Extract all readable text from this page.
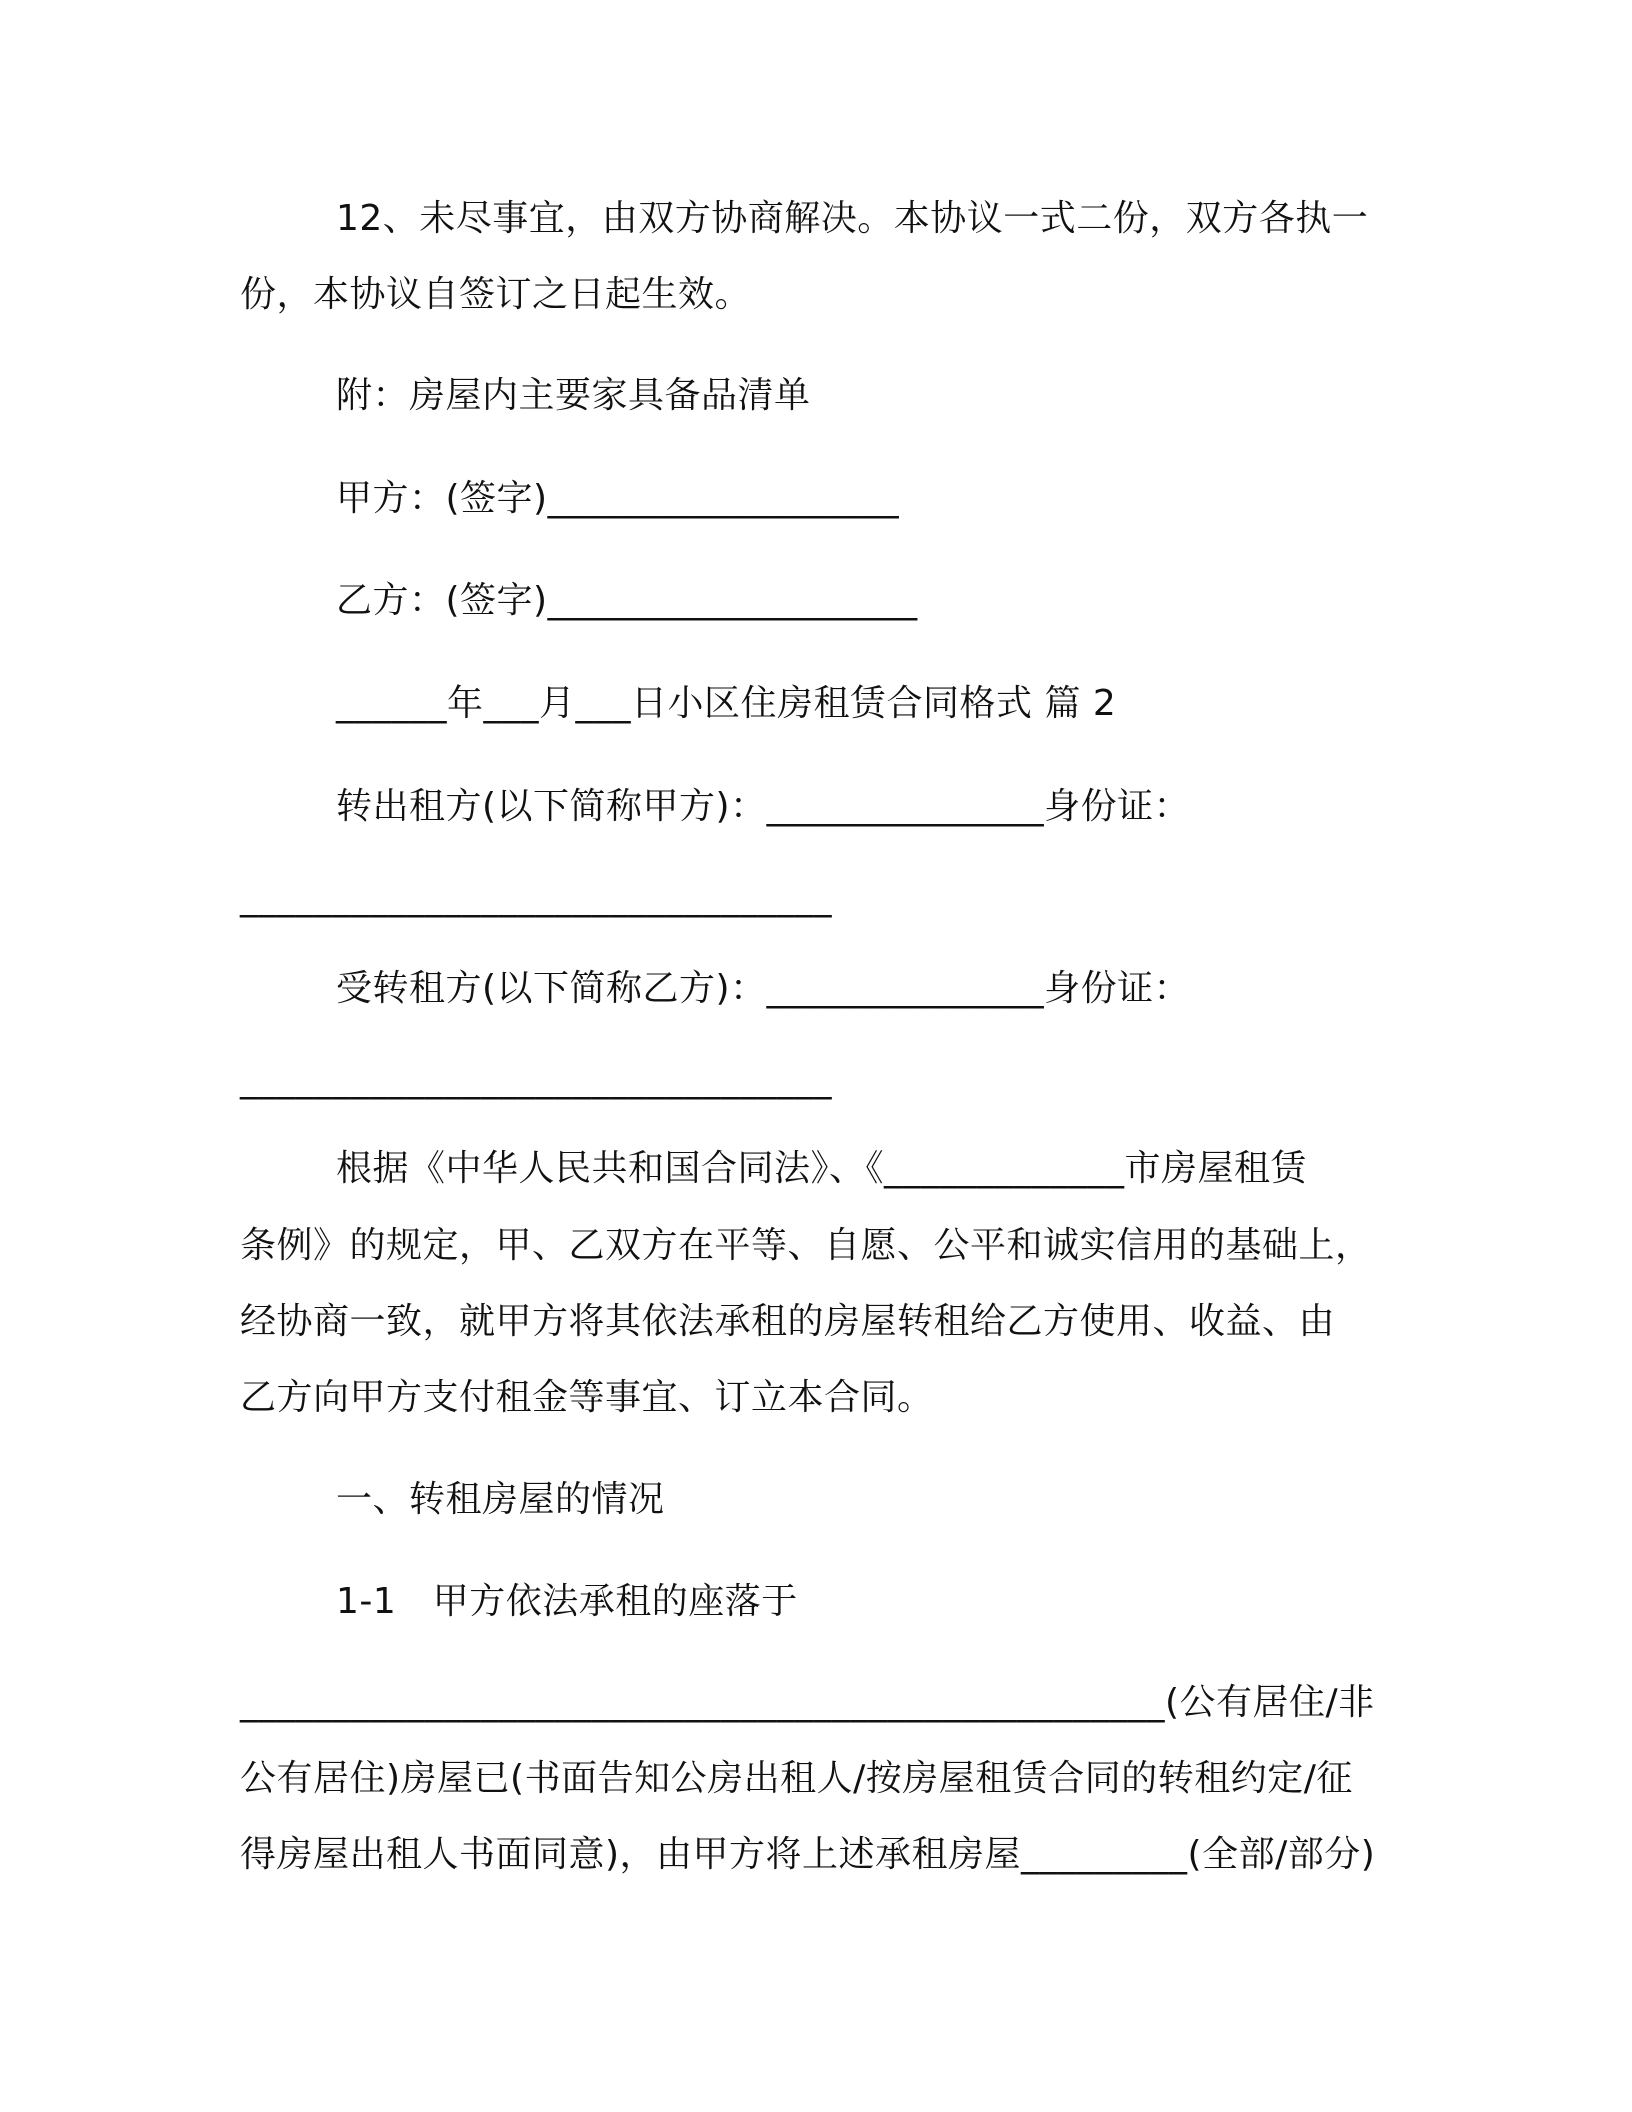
12、未尽事宜，由双方协商解决。本协议一式二份，双方各执一
份，本协议自签订之日起生效。
附：房屋内主要家具备品清单
甲方：(签字)___________________
乙方：(签字)____________________
______年___月___日小区住房租赁合同格式 篇 2
转出租方(以下简称甲方)：_______________身份证：
________________________________
受转租方(以下简称乙方)：_______________身份证：
________________________________
根据《中华人民共和国合同法》、《_____________市房屋租赁
条例》的规定，甲、乙双方在平等、自愿、公平和诚实信用的基础上，
经协商一致，就甲方将其依法承租的房屋转租给乙方使用、收益、由
乙方向甲方支付租金等事宜、订立本合同。
一、转租房屋的情况
1-1　甲方依法承租的座落于
__________________________________________________(公有居住/非
公有居住)房屋已(书面告知公房出租人/按房屋租赁合同的转租约定/征
得房屋出租人书面同意)，由甲方将上述承租房屋_________(全部/部分)
